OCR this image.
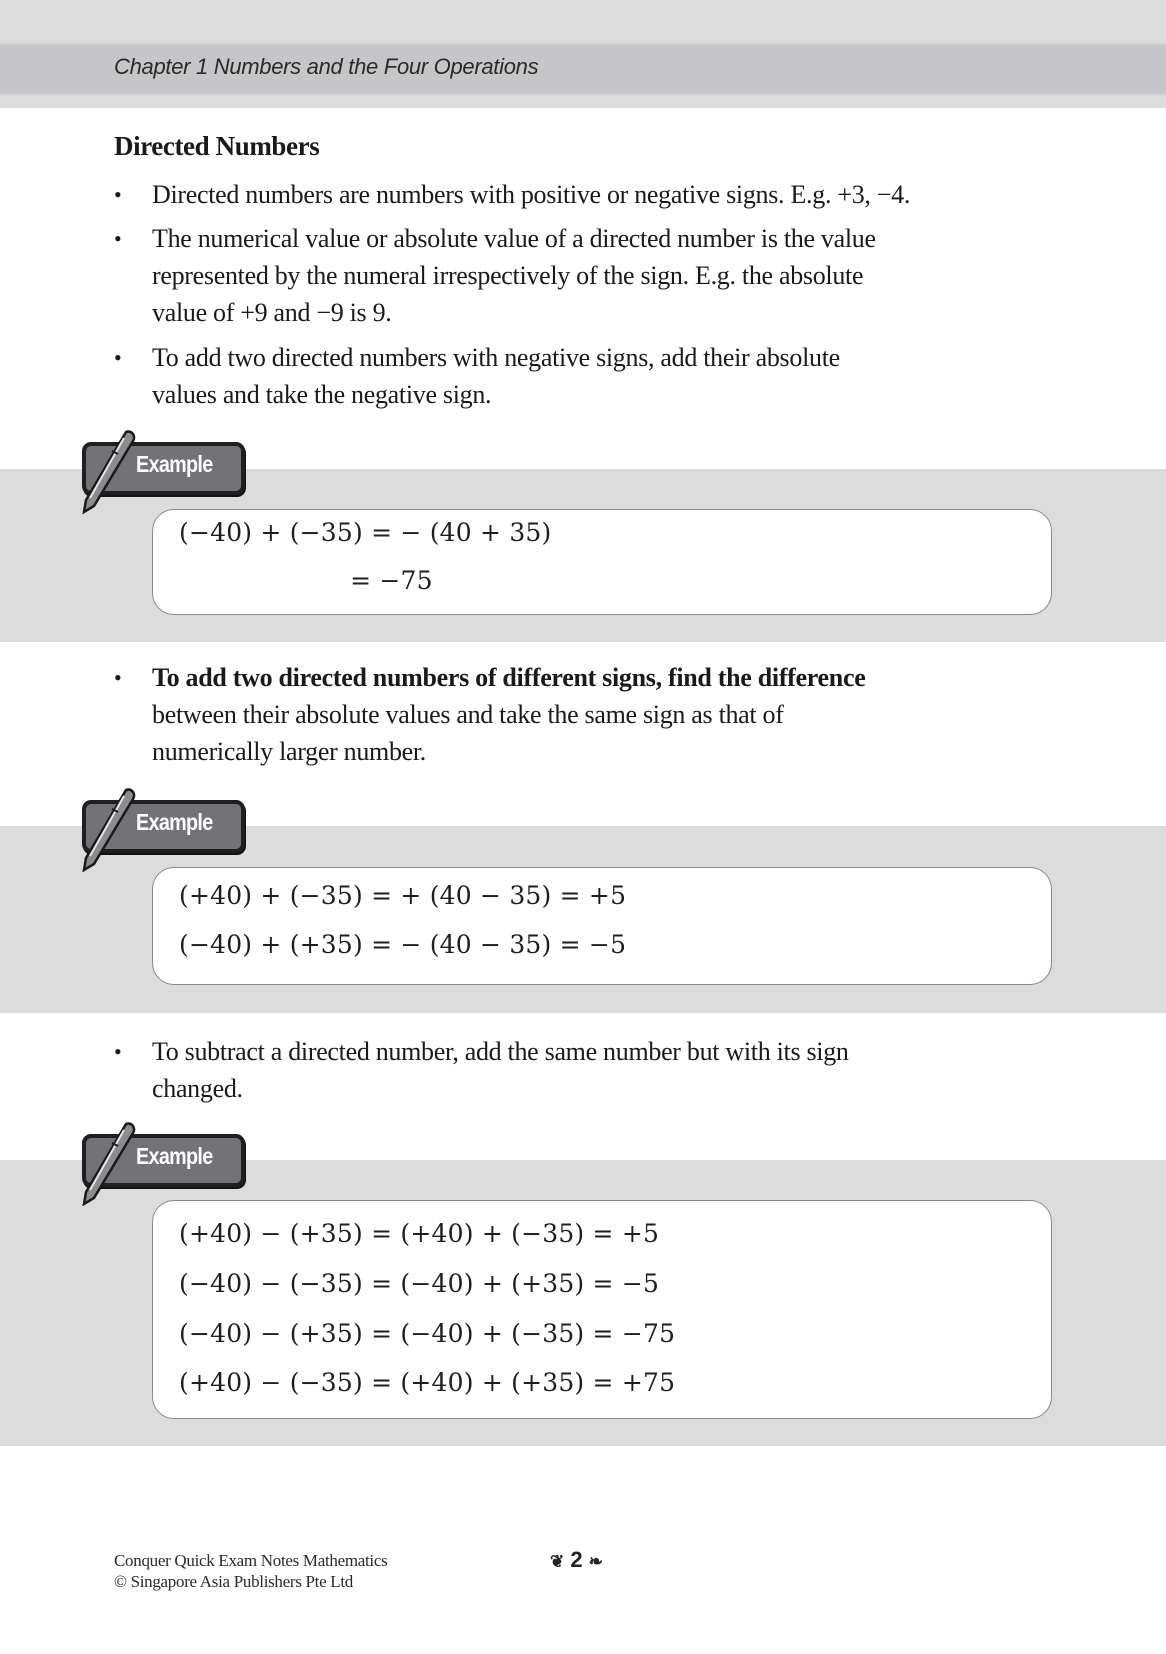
Chapter 1 Numbers and the Four Operations
Directed Numbers
• Directed numbers are numbers with positive or negative signs. E.g. +3, −4.
• The numerical value or absolute value of a directed number is the value
represented by the numeral irrespectively of the sign. E.g. the absolute
value of +9 and −9 is 9.
• To add two directed numbers with negative signs, add their absolute
values and take the negative sign.
Example
(−40) + (−35) = − (40 + 35)
= −75
• To add two directed numbers of different signs, find the difference
between their absolute values and take the same sign as that of
numerically larger number.
Example
(+40) + (−35) = + (40 − 35) = +5
(−40) + (+35) = − (40 − 35) = −5
• To subtract a directed number, add the same number but with its sign
changed.
Example
(+40) − (+35) = (+40) + (−35) = +5
(−40) − (−35) = (−40) + (+35) = −5
(−40) − (+35) = (−40) + (−35) = −75
(+40) − (−35) = (+40) + (+35) = +75
Conquer Quick Exam Notes Mathematics
© Singapore Asia Publishers Pte Ltd
❦ 2 ❧
